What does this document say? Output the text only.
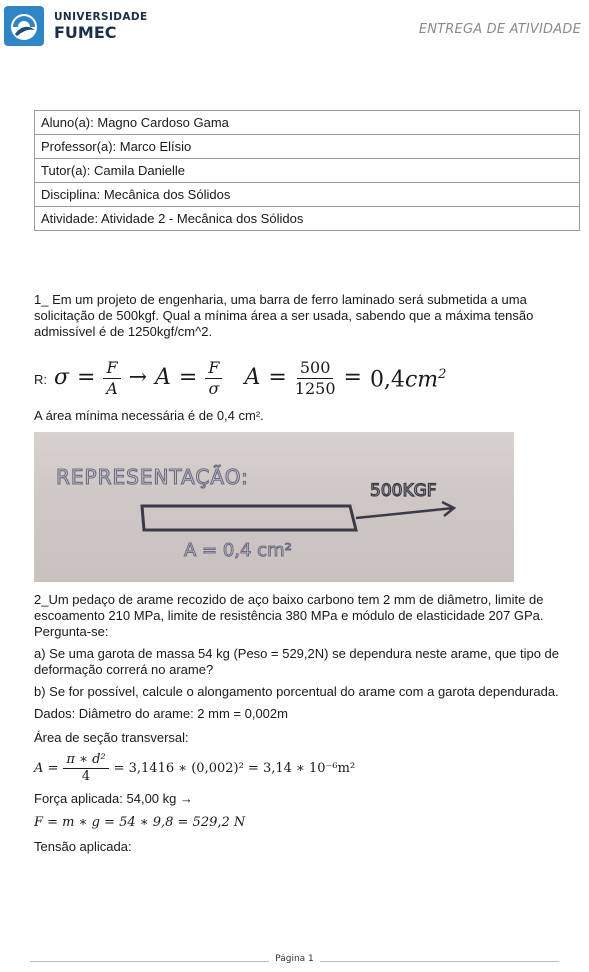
UNIVERSIDADE
FUMEC	ENTREGA DE ATIVIDADE
Aluno(a): Magno Cardoso Gama
Professor(a): Marco Elísio
Tutor(a): Camila Danielle
Disciplina: Mecânica dos Sólidos
Atividade: Atividade 2 - Mecânica dos Sólidos

1_ Em um projeto de engenharia, uma barra de ferro laminado será submetida a uma solicitação de 500kgf. Qual a mínima área a ser usada, sabendo que a máxima tensão admissível é de 1250kgf/cm^2.

R: $\sigma = \frac{F}{A} \to A = \frac{F}{\sigma}$ $A = \frac{500}{1250} = 0,4cm^2$

A área mínima necessária é de 0,4 cm².

REPRESENTAÇÃO:
500KGF
A = 0,4 cm²

2_Um pedaço de arame recozido de aço baixo carbono tem 2 mm de diâmetro, limite de escoamento 210 MPa, limite de resistência 380 MPa e módulo de elasticidade 207 GPa. Pergunta-se:

a) Se uma garota de massa 54 kg (Peso = 529,2N) se dependura neste arame, que tipo de deformação correrá no arame?

b) Se for possível, calcule o alongamento porcentual do arame com a garota dependurada.

Dados: Diâmetro do arame: 2 mm = 0,002m

Área de seção transversal:

$A = \frac{\text{π ∗ d²}}{4} = 3,1416$ ∗ (0,002)² = 3,14 ∗ 10⁻⁶m²

Força aplicada: 54,00 kg →

F = m ∗ g = 54 ∗ 9,8 = 529,2 N

Tensão aplicada:

Página 1
